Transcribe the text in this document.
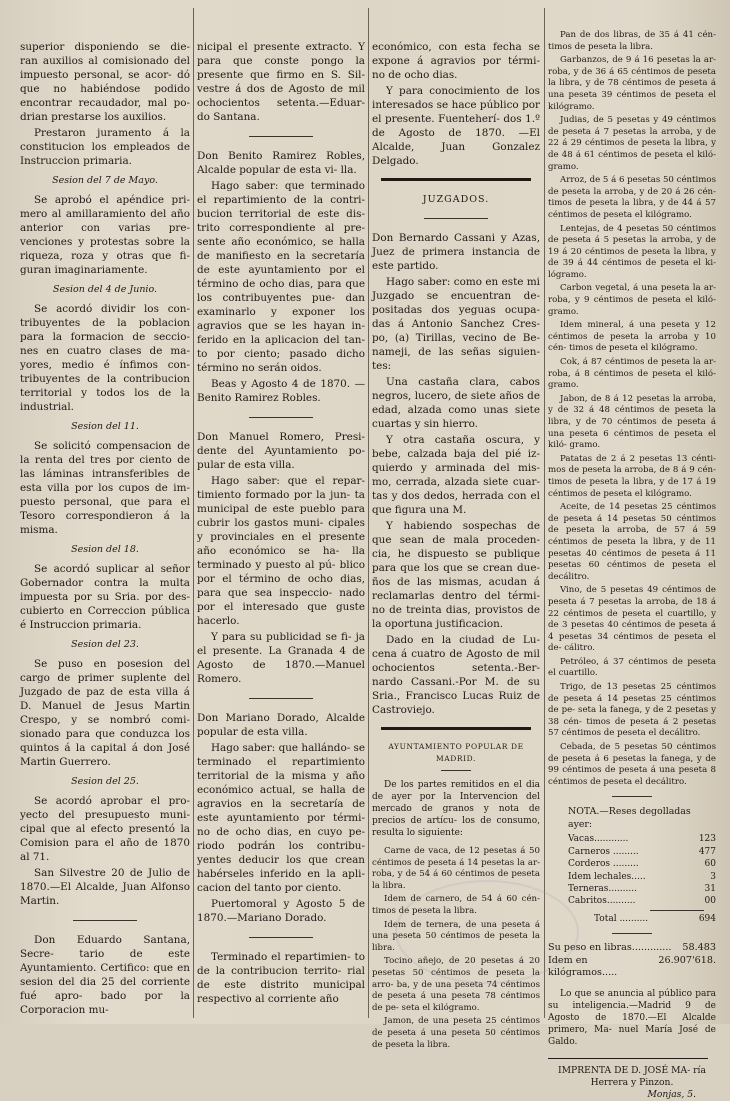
superior disponiendo se die- ran auxilios al comisionado del impuesto personal, se acor- dó que no habiéndose podido encontrar recaudador, mal po- drian prestarse los auxilios.

Prestaron juramento á la constitucion los empleados de Instruccion primaria.

Sesion del 7 de Mayo.

Se aprobó el apéndice pri- mero al amillaramiento del año anterior con varias pre- venciones y protestas sobre la riqueza, roza y otras que fi- guran imaginariamente.

Sesion del 4 de Junio.

Se acordó dividir los con- tribuyentes de la poblacion para la formacion de seccio- nes en cuatro clases de ma- yores, medio é ínfimos con- tribuyentes de la contribucion territorial y todos los de la industrial.

Sesion del 11.

Se solicitó compensacion de la renta del tres por ciento de las láminas intransferibles de esta villa por los cupos de im- puesto personal, que para el Tesoro correspondieron á la misma.

Sesion del 18.

Se acordó suplicar al señor Gobernador contra la multa impuesta por su Sria. por des- cubierto en Correccion pública é Instruccion primaria.

Sesion del 23.

Se puso en posesion del cargo de primer suplente del Juzgado de paz de esta villa á D. Manuel de Jesus Martin Crespo, y se nombró comi- sionado para que conduzca los quintos á la capital á don José Martin Guerrero.

Sesion del 25.

Se acordó aprobar el pro- yecto del presupuesto muni- cipal que al efecto presentó la Comision para el año de 1870 al 71.

San Silvestre 20 de Julio de 1870.—El Alcalde, Juan Alfonso Martin.

Don Eduardo Santana, Secre- tario de este Ayuntamiento. Certifico: que en sesion del dia 25 del corriente fué apro- bado por la Corporacion mu-

nicipal el presente extracto. Y para que conste pongo la presente que firmo en S. Sil- vestre á dos de Agosto de mil ochocientos setenta.—Eduar- do Santana.

Don Benito Ramirez Robles, Alcalde popular de esta vi- lla.

Hago saber: que terminado el repartimiento de la contri- bucion territorial de este dis- trito correspondiente al pre- sente año económico, se halla de manifiesto en la secretaría de este ayuntamiento por el término de ocho dias, para que los contribuyentes pue- dan examinarlo y exponer los agravios que se les hayan in- ferido en la aplicacion del tan- to por ciento; pasado dicho término no serán oidos.

Beas y Agosto 4 de 1870. —Benito Ramirez Robles.

Don Manuel Romero, Presi- dente del Ayuntamiento po- pular de esta villa.

Hago saber: que el repar- timiento formado por la jun- ta municipal de este pueblo para cubrir los gastos muni- cipales y provinciales en el presente año económico se ha- lla terminado y puesto al pú- blico por el término de ocho dias, para que sea inspeccio- nado por el interesado que guste hacerlo.

Y para su publicidad se fi- ja el presente. La Granada 4 de Agosto de 1870.—Manuel Romero.

Don Mariano Dorado, Alcalde popular de esta villa.

Hago saber: que hallándo- se terminado el repartimiento territorial de la misma y año económico actual, se halla de agravios en la secretaría de este ayuntamiento por térmi- no de ocho dias, en cuyo pe- riodo podrán los contribu- yentes deducir los que crean habérseles inferido en la apli- cacion del tanto por ciento.

Puertomoral y Agosto 5 de 1870.—Mariano Dorado.

Terminado el repartimien- to de la contribucion territo- rial de este distrito municipal respectivo al corriente año

económico, con esta fecha se expone á agravios por térmi- no de ocho dias.

Y para conocimiento de los interesados se hace público por el presente. Fuenteherí- dos 1.º de Agosto de 1870. —El Alcalde, Juan Gonzalez Delgado.

JUZGADOS.

Don Bernardo Cassani y Azas, Juez de primera instancia de este partido.

Hago saber: como en este mi Juzgado se encuentran de- positadas dos yeguas ocupa- das á Antonio Sanchez Cres- po, (a) Tirillas, vecino de Be- nameji, de las señas siguien- tes:

Una castaña clara, cabos negros, lucero, de siete años de edad, alzada como unas siete cuartas y sin hierro.

Y otra castaña oscura, y bebe, calzada baja del pié iz- quierdo y arminada del mis- mo, cerrada, alzada siete cuar- tas y dos dedos, herrada con el que figura una M.

Y habiendo sospechas de que sean de mala proceden- cia, he dispuesto se publique para que los que se crean due- ños de las mismas, acudan á reclamarlas dentro del térmi- no de treinta dias, provistos de la oportuna justificacion.

Dado en la ciudad de Lu- cena á cuatro de Agosto de mil ochocientos setenta.-Ber- nardo Cassani.-Por M. de su Sria., Francisco Lucas Ruiz de Castroviejo.

AYUNTAMIENTO POPULAR DE
MADRID.

De los partes remitidos en el dia de ayer por la Intervencion del mercado de granos y nota de precios de artícu- los de consumo, resulta lo siguiente:

Carne de vaca, de 12 pesetas á 50 céntimos de peseta á 14 pesetas la ar- roba, y de 54 á 60 céntimos de peseta la libra.

Idem de carnero, de 54 á 60 cén- timos de peseta la libra.

Idem de ternera, de una peseta á una peseta 50 céntimos de peseta la libra.

Tocino añejo, de 20 pesetas á 20 pesetas 50 céntimos de peseta la arro- ba, y de una peseta 74 céntimos de peseta á una peseta 78 céntimos de pe- seta el kilógramo.

Jamon, de una peseta 25 céntimos de peseta á una peseta 50 céntimos de peseta la libra.

Pan de dos libras, de 35 á 41 cén- timos de peseta la libra.

Garbanzos, de 9 á 16 pesetas la ar- roba, y de 36 á 65 céntimos de peseta la libra, y de 78 céntimos de peseta á una peseta 39 céntimos de peseta el kilógramo.

Judias, de 5 pesetas y 49 céntimos de peseta á 7 pesetas la arroba, y de 22 á 29 céntimos de peseta la libra, y de 48 á 61 céntimos de peseta el kiló- gramo.

Arroz, de 5 á 6 pesetas 50 céntimos de peseta la arroba, y de 20 á 26 cén- timos de peseta la libra, y de 44 á 57 céntimos de peseta el kilógramo.

Lentejas, de 4 pesetas 50 céntimos de peseta á 5 pesetas la arroba, y de 19 á 20 céntimos de peseta la libra, y de 39 á 44 céntimos de peseta el ki- lógramo.

Carbon vegetal, á una peseta la ar- roba, y 9 céntimos de peseta el kiló- gramo.

Idem mineral, á una peseta y 12 céntimos de peseta la arroba y 10 cén- timos de peseta el kilógramo.

Cok, á 87 céntimos de peseta la ar- roba, á 8 céntimos de peseta el kiló- gramo.

Jabon, de 8 á 12 pesetas la arroba, y de 32 á 48 céntimos de peseta la libra, y de 70 céntimos de peseta á una peseta 6 céntimos de peseta el kiló- gramo.

Patatas de 2 á 2 pesetas 13 cénti- mos de peseta la arroba, de 8 á 9 cén- timos de peseta la libra, y de 17 á 19 céntimos de peseta el kilógramo.

Aceite, de 14 pesetas 25 céntimos de peseta á 14 pesetas 50 céntimos de peseta la arroba, de 57 á 59 céntimos de peseta la libra, y de 11 pesetas 40 céntimos de peseta á 11 pesetas 60 céntimos de peseta el decálitro.

Vino, de 5 pesetas 49 céntimos de peseta á 7 pesetas la arroba, de 18 á 22 céntimos de peseta el cuartillo, y de 3 pesetas 40 céntimos de peseta á 4 pesetas 34 céntimos de peseta el de- cálitro.

Petróleo, á 37 céntimos de peseta el cuartillo.

Trigo, de 13 pesetas 25 céntimos de peseta á 14 pesetas 25 céntimos de pe- seta la fanega, y de 2 pesetas y 38 cén- timos de peseta á 2 pesetas 57 céntimos de peseta el decálitro.

Cebada, de 5 pesetas 50 céntimos de peseta á 6 pesetas la fanega, y de 99 céntimos de peseta á una peseta 8 céntimos de peseta el decálitro.

NOTA.—Reses degolladas ayer:
Vacas............	123
Carneros .........	477
Corderos .........	60
Idem lechales.....	3
Terneras..........	31
Cabritos..........	00
Total ..........	694
Su peso en libras............. 58.483
Idem en kilógramos.....
26.907'618.

Lo que se anuncia al público para su inteligencia.—Madrid 9 de Agosto de 1870.—El Alcalde primero, Ma- nuel María José de Galdo.

IMPRENTA DE D. JOSÉ MA- ría Herrera y Pinzon.
Monjas, 5.
